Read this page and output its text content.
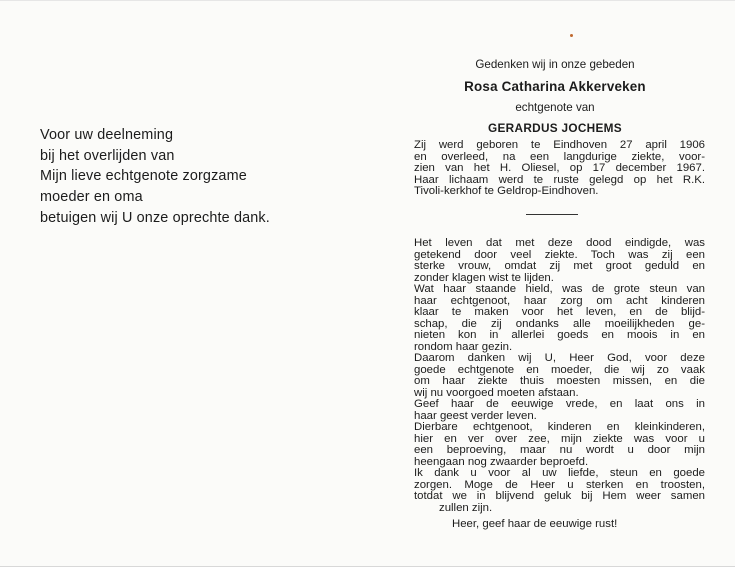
Voor uw deelneming
bij het overlijden van
Mijn lieve echtgenote zorgzame
moeder en oma
betuigen wij U onze oprechte dank.
Gedenken wij in onze gebeden
Rosa Catharina Akkerveken
echtgenote van
GERARDUS JOCHEMS
Zij werd geboren te Eindhoven 27 april 1906
en overleed, na een langdurige ziekte, voor-
zien van het H. Oliesel, op 17 december 1967.
Haar lichaam werd te ruste gelegd op het R.K.
Tivoli-kerkhof te Geldrop-Eindhoven.
Het leven dat met deze dood eindigde, was
getekend door veel ziekte. Toch was zij een
sterke vrouw, omdat zij met groot geduld en
zonder klagen wist te lijden.
Wat haar staande hield, was de grote steun van
haar echtgenoot, haar zorg om acht kinderen
klaar te maken voor het leven, en de blijd-
schap, die zij ondanks alle moeilijkheden ge-
nieten kon in allerlei goeds en moois in en
rondom haar gezin.
Daarom danken wij U, Heer God, voor deze
goede echtgenote en moeder, die wij zo vaak
om haar ziekte thuis moesten missen, en die
wij nu voorgoed moeten afstaan.
Geef haar de eeuwige vrede, en laat ons in
haar geest verder leven.
Dierbare echtgenoot, kinderen en kleinkinderen,
hier en ver over zee, mijn ziekte was voor u
een beproeving, maar nu wordt u door mijn
heengaan nog zwaarder beproefd.
Ik dank u voor al uw liefde, steun en goede
zorgen. Moge de Heer u sterken en troosten,
totdat we in blijvend geluk bij Hem weer samen
zullen zijn.
Heer, geef haar de eeuwige rust!
